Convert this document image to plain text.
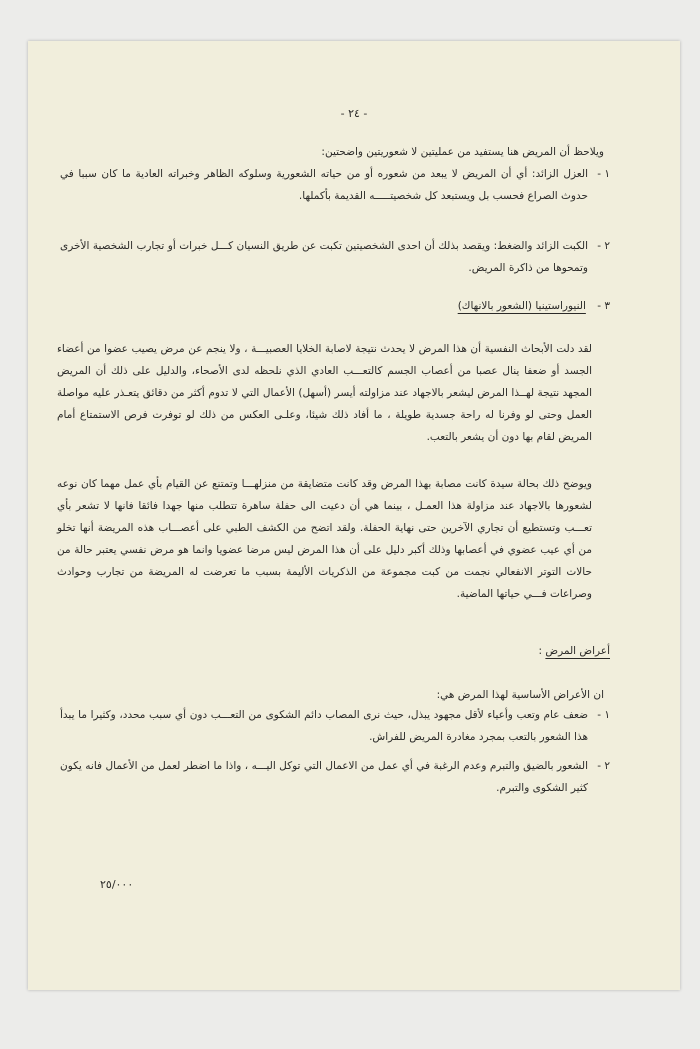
- ٢٤ -
ويلاحظ أن المريض هنا يستفيد من عمليتين لا شعوريتين واضحتين:
١ -
العزل الزائد: أي أن المريض لا يبعد من شعوره أو من حياته الشعورية وسلوكه الظاهر وخبراته العادية ما كان سببا في حدوث الصراع فحسب بل ويستبعد كل شخصيتـــــه القديمة بأكملها.
٢ -
الكبت الزائد والضغط: ويقصد بذلك أن احدى الشخصيتين تكبت عن طريق النسيان كـــل خبرات أو تجارب الشخصية الأخرى وتمحوها من ذاكرة المريض.
٣ - النيوراستينيا (الشعور بالانهاك)
لقد دلت الأبحاث النفسية أن هذا المرض لا يحدث نتيجة لاصابة الخلايا العصبيـــة ، ولا ينجم عن مرض يصيب عضوا من أعضاء الجسد أو ضعفا ينال عصبا من أعصاب الجسم كالتعـــب العادي الذي نلحظه لدى الأصحاء، والدليل على ذلك أن المريض المجهد نتيجة لهــذا المرض ليشعر بالاجهاد عند مزاولته أيسر (أسهل) الأعمال التي لا تدوم أكثر من دقائق يتعـذر عليه مواصلة العمل وحتى لو وفرنا له راحة جسدية طويلة ، ما أفاد ذلك شيئا، وعلـى العكس من ذلك لو توفرت فرص الاستمتاع أمام المريض لقام بها دون أن يشعر بالتعب.
ويوضح ذلك بحالة سيدة كانت مصابة بهذا المرض وقد كانت متضايقة من منزلهـــا وتمتنع عن القيام بأي عمل مهما كان نوعه لشعورها بالاجهاد عند مزاولة هذا العمـل ، بينما هي أن دعيت الى حفلة ساهرة تتطلب منها جهدا فائقا فانها لا تشعر بأي تعـــب وتستطيع أن تجاري الآخرين حتى نهاية الحفلة. ولقد اتضح من الكشف الطبي على أعصـــاب هذه المريضة أنها تخلو من أي عيب عضوي في أعصابها وذلك أكبر دليل على أن هذا المرض ليس مرضا عضويا وانما هو مرض نفسي يعتبر حالة من حالات التوتر الانفعالي نجمت من كبت مجموعة من الذكريات الأليمة بسبب ما تعرضت له المريضة من تجارب وحوادث وصراعات فـــي حياتها الماضية.
أعراض المرض :
ان الأعراض الأساسية لهذا المرض هي:
١ -
ضعف عام وتعب وأعياء لأقل مجهود يبذل، حيث نرى المصاب دائم الشكوى من التعـــب دون أي سبب محدد، وكثيرا ما يبدأ هذا الشعور بالتعب بمجرد مغادرة المريض للفراش.
٢ -
الشعور بالضيق والتبرم وعدم الرغبة في أي عمل من الاعمال التي توكل اليـــه ، واذا ما اضطر لعمل من الأعمال فانه يكون كثير الشكوى والتبرم.
٢٥/٠٠٠
